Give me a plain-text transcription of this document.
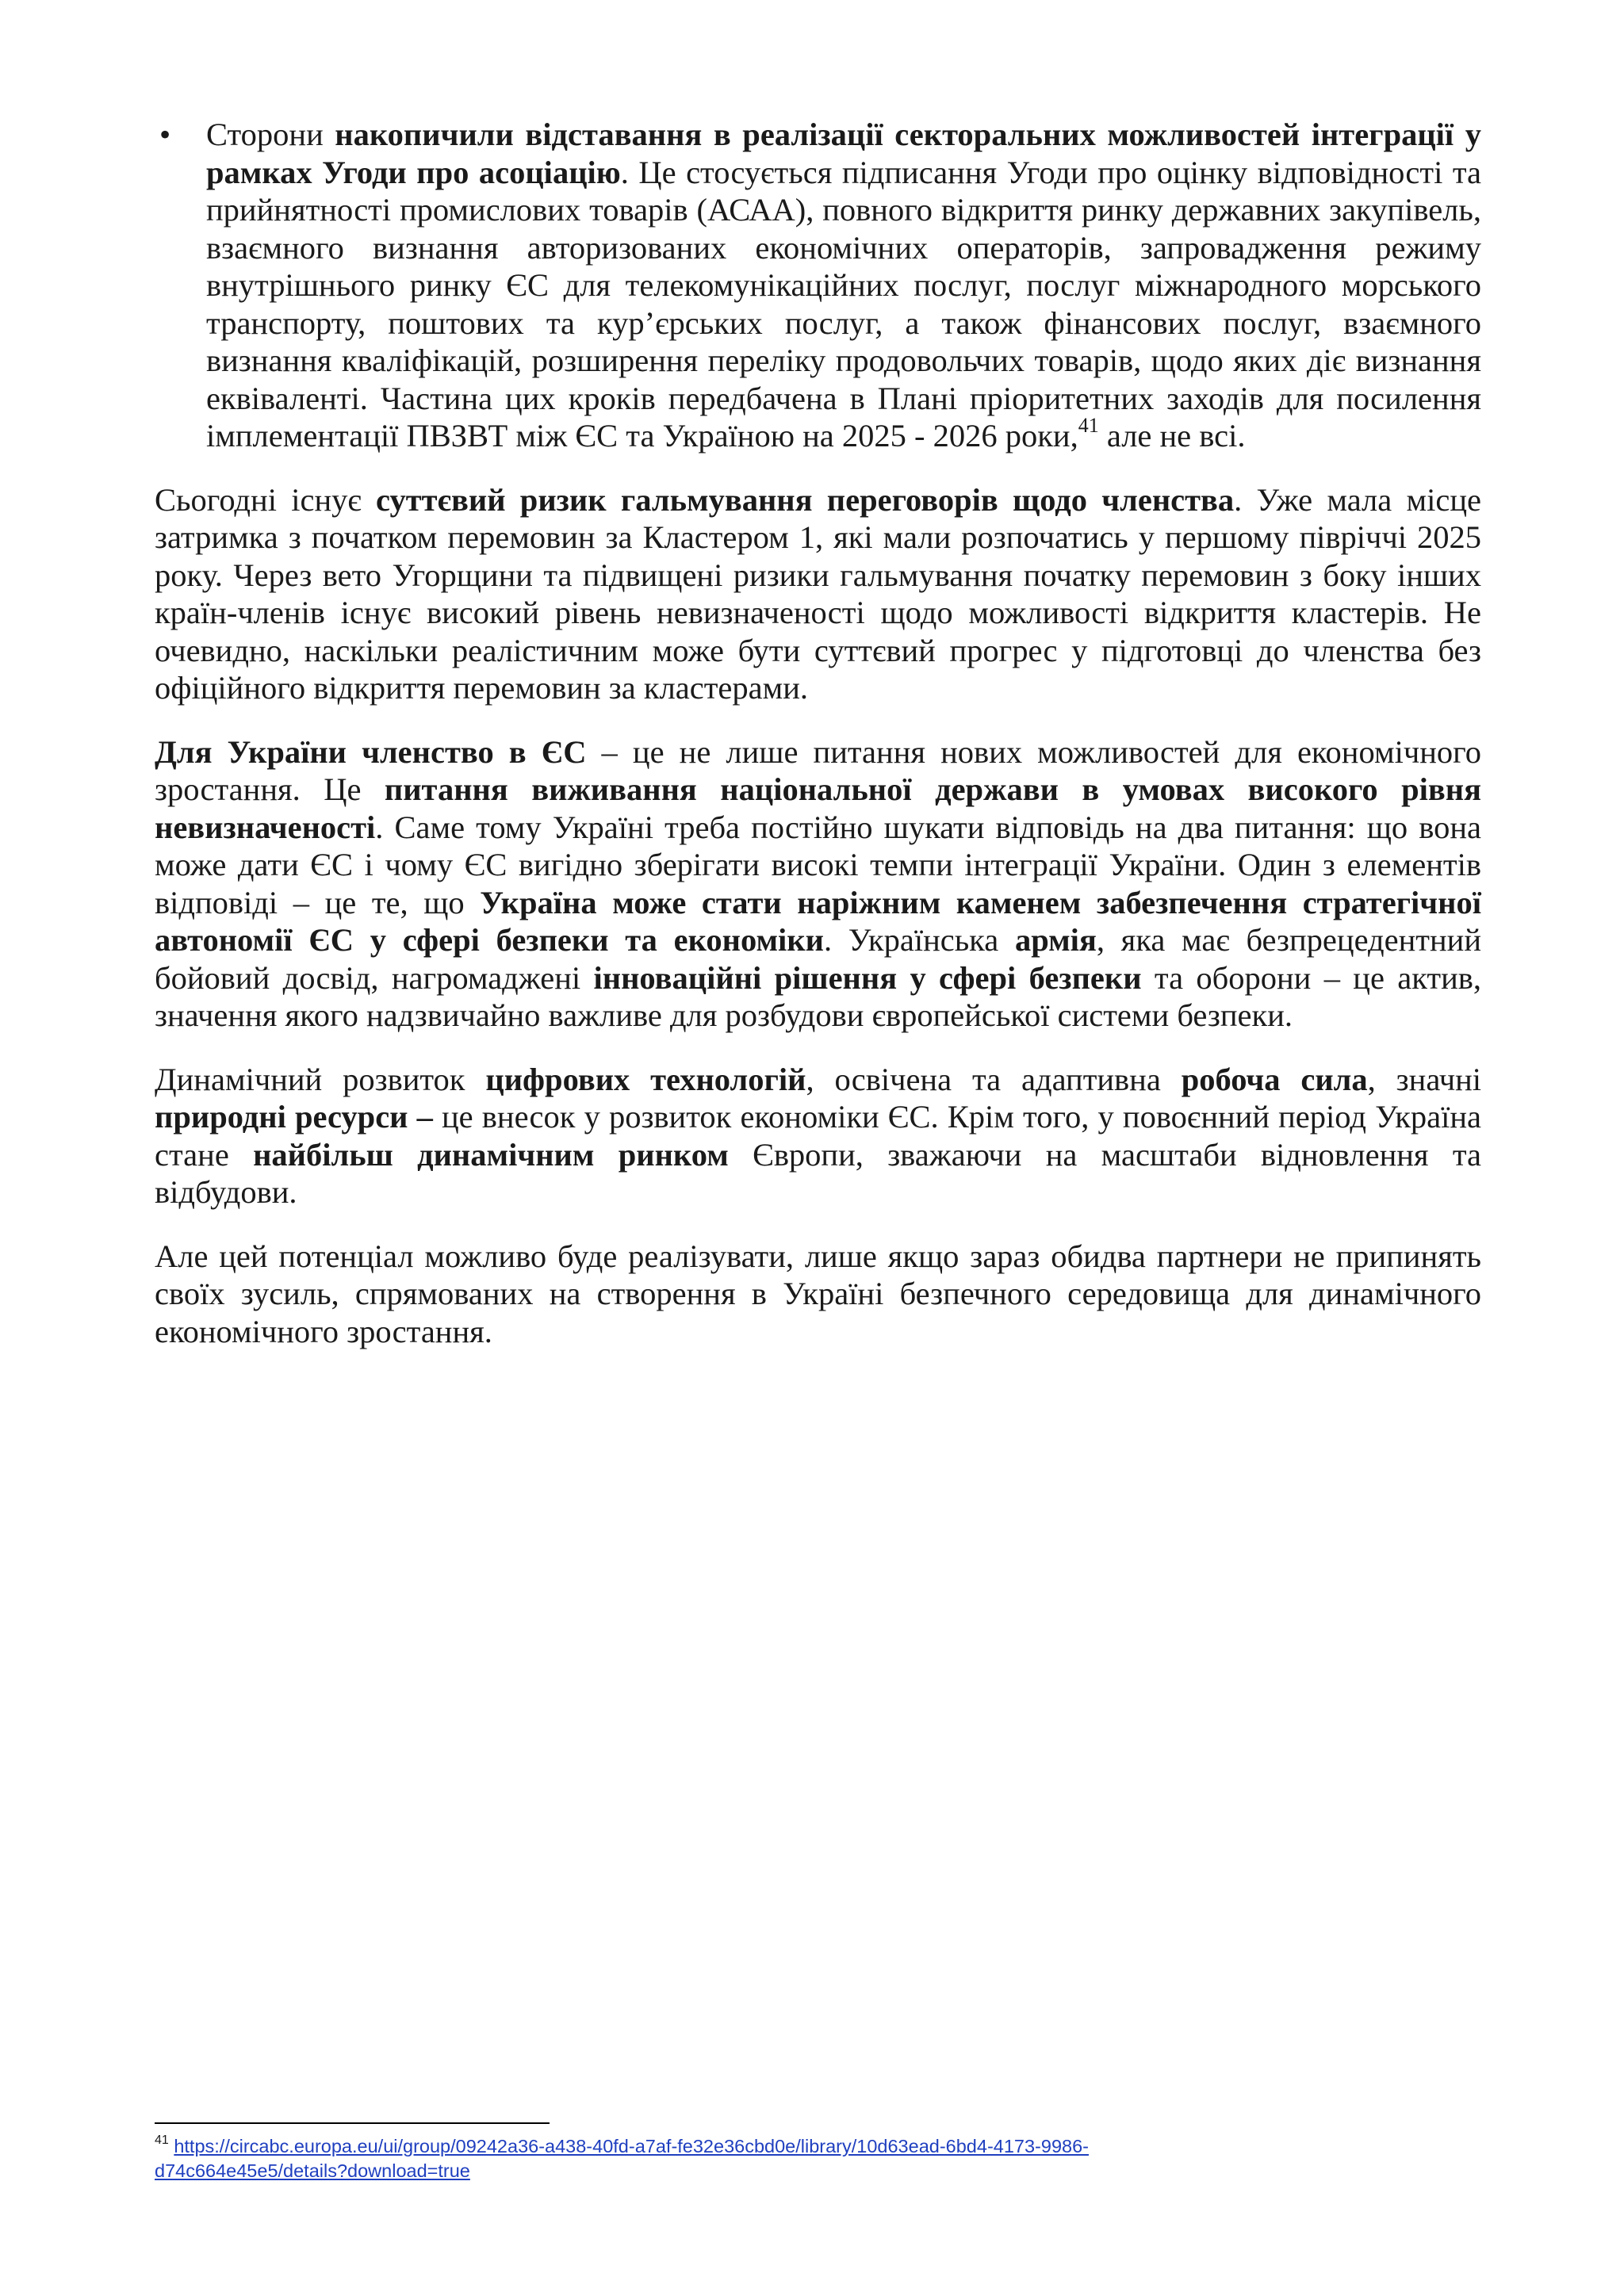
• Сторони накопичили відставання в реалізації секторальних можливостей інтеграції у рамках Угоди про асоціацію. Це стосується підписання Угоди про оцінку відповідності та прийнятності промислових товарів (АСАА), повного відкриття ринку державних закупівель, взаємного визнання авторизованих економічних операторів, запровадження режиму внутрішнього ринку ЄС для телекомунікаційних послуг, послуг міжнародного морського транспорту, поштових та кур’єрських послуг, а також фінансових послуг, взаємного визнання кваліфікацій, розширення переліку продовольчих товарів, щодо яких діє визнання еквіваленті. Частина цих кроків передбачена в Плані пріоритетних заходів для посилення імплементації ПВЗВТ між ЄС та Україною на 2025 - 2026 роки,$^{41}$ але не всі.

Сьогодні існує суттєвий ризик гальмування переговорів щодо членства. Уже мала місце затримка з початком перемовин за Кластером 1, які мали розпочатись у першому півріччі 2025 року. Через вето Угорщини та підвищені ризики гальмування початку перемовин з боку інших країн-членів існує високий рівень невизначеності щодо можливості відкриття кластерів. Не очевидно, наскільки реалістичним може бути суттєвий прогрес у підготовці до членства без офіційного відкриття перемовин за кластерами.

Для України членство в ЄС – це не лише питання нових можливостей для економічного зростання. Це питання виживання національної держави в умовах високого рівня невизначеності. Саме тому Україні треба постійно шукати відповідь на два питання: що вона може дати ЄС і чому ЄС вигідно зберігати високі темпи інтеграції України. Один з елементів відповіді – це те, що Україна може стати наріжним каменем забезпечення стратегічної автономії ЄС у сфері безпеки та економіки. Українська армія, яка має безпрецедентний бойовий досвід, нагромаджені інноваційні рішення у сфері безпеки та оборони – це актив, значення якого надзвичайно важливе для розбудови європейської системи безпеки.

Динамічний розвиток цифрових технологій, освічена та адаптивна робоча сила, значні природні ресурси – це внесок у розвиток економіки ЄС. Крім того, у повоєнний період Україна стане найбільш динамічним ринком Європи, зважаючи на масштаби відновлення та відбудови.

Але цей потенціал можливо буде реалізувати, лише якщо зараз обидва партнери не припинять своїх зусиль, спрямованих на створення в Україні безпечного середовища для динамічного економічного зростання.

$^{41}$ https://circabc.europa.eu/ui/group/09242a36-a438-40fd-a7af-fe32e36cbd0e/library/10d63ead-6bd4-4173-9986-
d74c664e45e5/details?download=true
